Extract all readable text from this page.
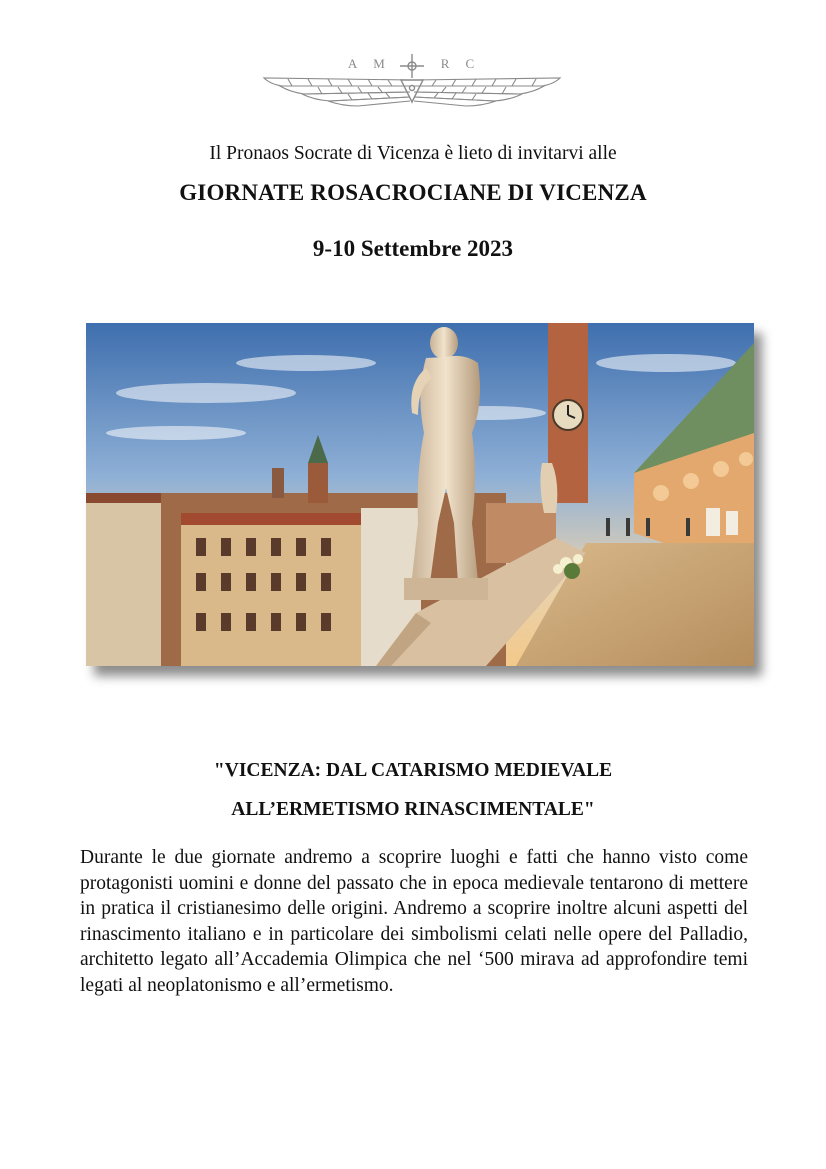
A M	R C
Il Pronaos Socrate di Vicenza è lieto di invitarvi alle
GIORNATE ROSACROCIANE DI VICENZA
9-10 Settembre 2023
"VICENZA: DAL CATARISMO MEDIEVALE
ALL’ERMETISMO RINASCIMENTALE"
Durante le due giornate andremo a scoprire luoghi e fatti che hanno visto come protagonisti uomini e donne del passato che in epoca medievale tentarono di mettere in pratica il cristianesimo delle origini. Andremo a scoprire inoltre alcuni aspetti del rinascimento italiano e in particolare dei simbolismi celati nelle opere del Palladio, architetto legato all’Accademia Olimpica che nel ‘500 mirava ad approfondire temi legati al neoplatonismo e all’ermetismo.
